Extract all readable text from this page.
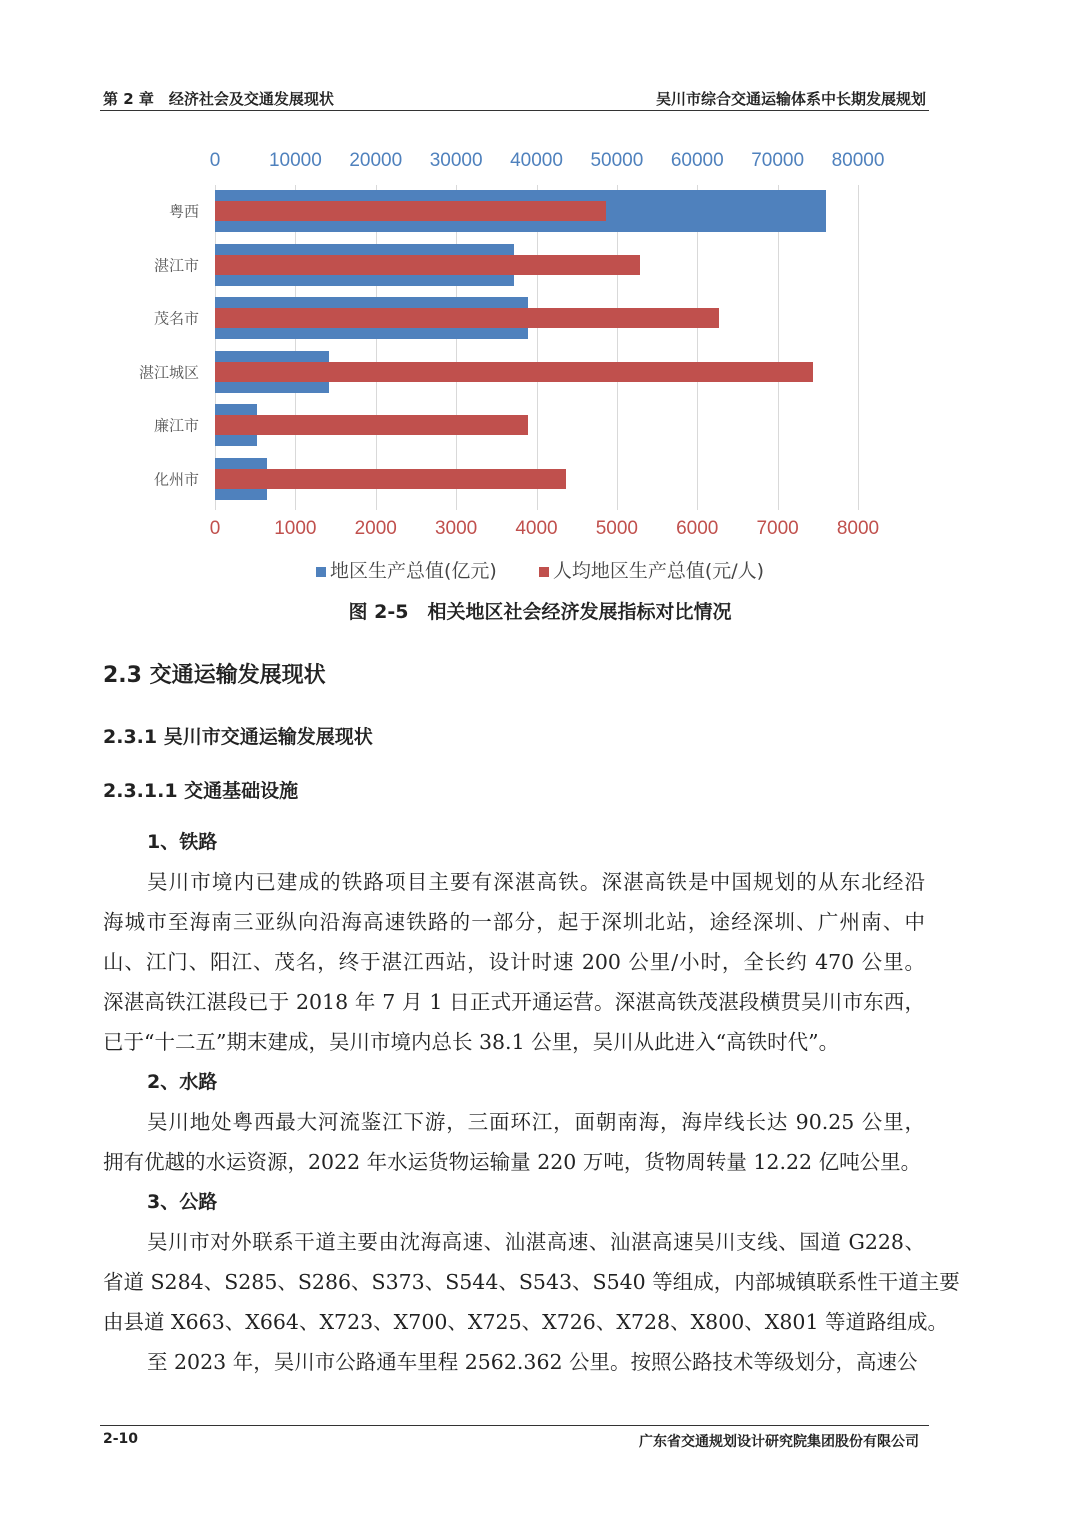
第 2 章　经济社会及交通发展现状	吴川市综合交通运输体系中长期发展规划
0	10000 20000 30000 40000 50000 60000 70000 80000
0	1000 2000 3000 4000 5000 6000 7000 8000
粤西
湛江市
茂名市
湛江城区
廉江市
化州市
地区生产总值(亿元)	人均地区生产总值(元/人)
图 2-5　相关地区社会经济发展指标对比情况
2.3 交通运输发展现状
2.3.1 吴川市交通运输发展现状
2.3.1.1 交通基础设施
1、铁路
吴川市境内已建成的铁路项目主要有深湛高铁。深湛高铁是中国规划的从东北经沿
海城市至海南三亚纵向沿海高速铁路的一部分，起于深圳北站，途经深圳、广州南、中
山、江门、阳江、茂名，终于湛江西站，设计时速 200 公里/小时，全长约 470 公里。
深湛高铁江湛段已于 2018 年 7 月 1 日正式开通运营。深湛高铁茂湛段横贯吴川市东西，
已于“十二五”期末建成，吴川市境内总长 38.1 公里，吴川从此进入“高铁时代”。
2、水路
吴川地处粤西最大河流鉴江下游，三面环江，面朝南海，海岸线长达 90.25 公里，
拥有优越的水运资源，2022 年水运货物运输量 220 万吨，货物周转量 12.22 亿吨公里。
3、公路
吴川市对外联系干道主要由沈海高速、汕湛高速、汕湛高速吴川支线、国道 G228、
省道 S284、S285、S286、S373、S544、S543、S540 等组成，内部城镇联系性干道主要
由县道 X663、X664、X723、X700、X725、X726、X728、X800、X801 等道路组成。
至 2023 年，吴川市公路通车里程 2562.362 公里。按照公路技术等级划分，高速公
2-10	广东省交通规划设计研究院集团股份有限公司
